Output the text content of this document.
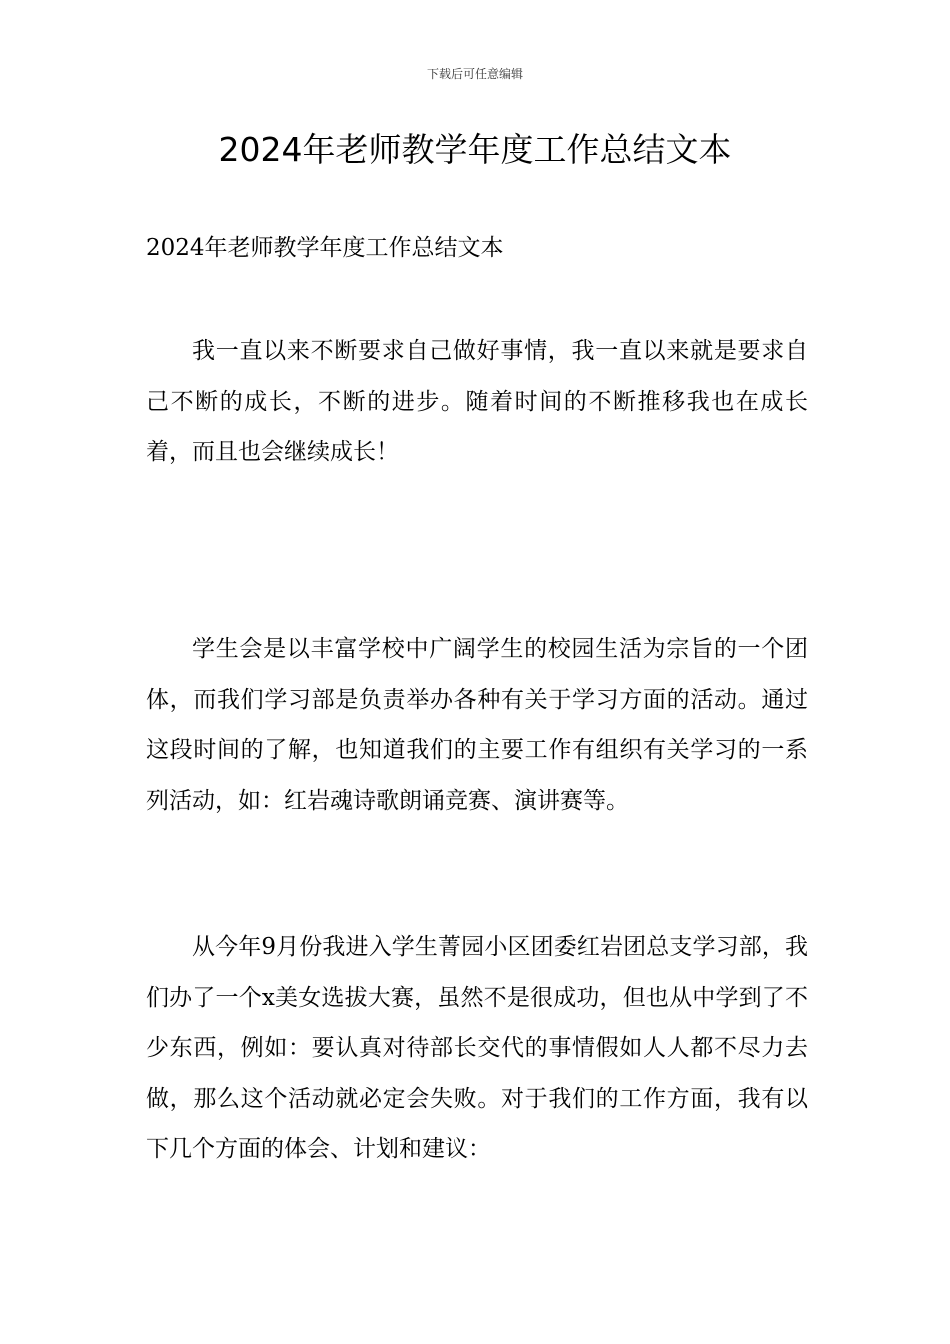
下载后可任意编辑
2024年老师教学年度工作总结文本
2024年老师教学年度工作总结文本

我一直以来不断要求自己做好事情，我一直以来就是要求自己不断的成长，不断的进步。随着时间的不断推移我也在成长着，而且也会继续成长！

学生会是以丰富学校中广阔学生的校园生活为宗旨的一个团体，而我们学习部是负责举办各种有关于学习方面的活动。通过这段时间的了解，也知道我们的主要工作有组织有关学习的一系列活动，如：红岩魂诗歌朗诵竞赛、演讲赛等。

从今年9月份我进入学生菁园小区团委红岩团总支学习部，我们办了一个x美女选拔大赛，虽然不是很成功，但也从中学到了不少东西，例如：要认真对待部长交代的事情假如人人都不尽力去做，那么这个活动就必定会失败。对于我们的工作方面，我有以下几个方面的体会、计划和建议：
